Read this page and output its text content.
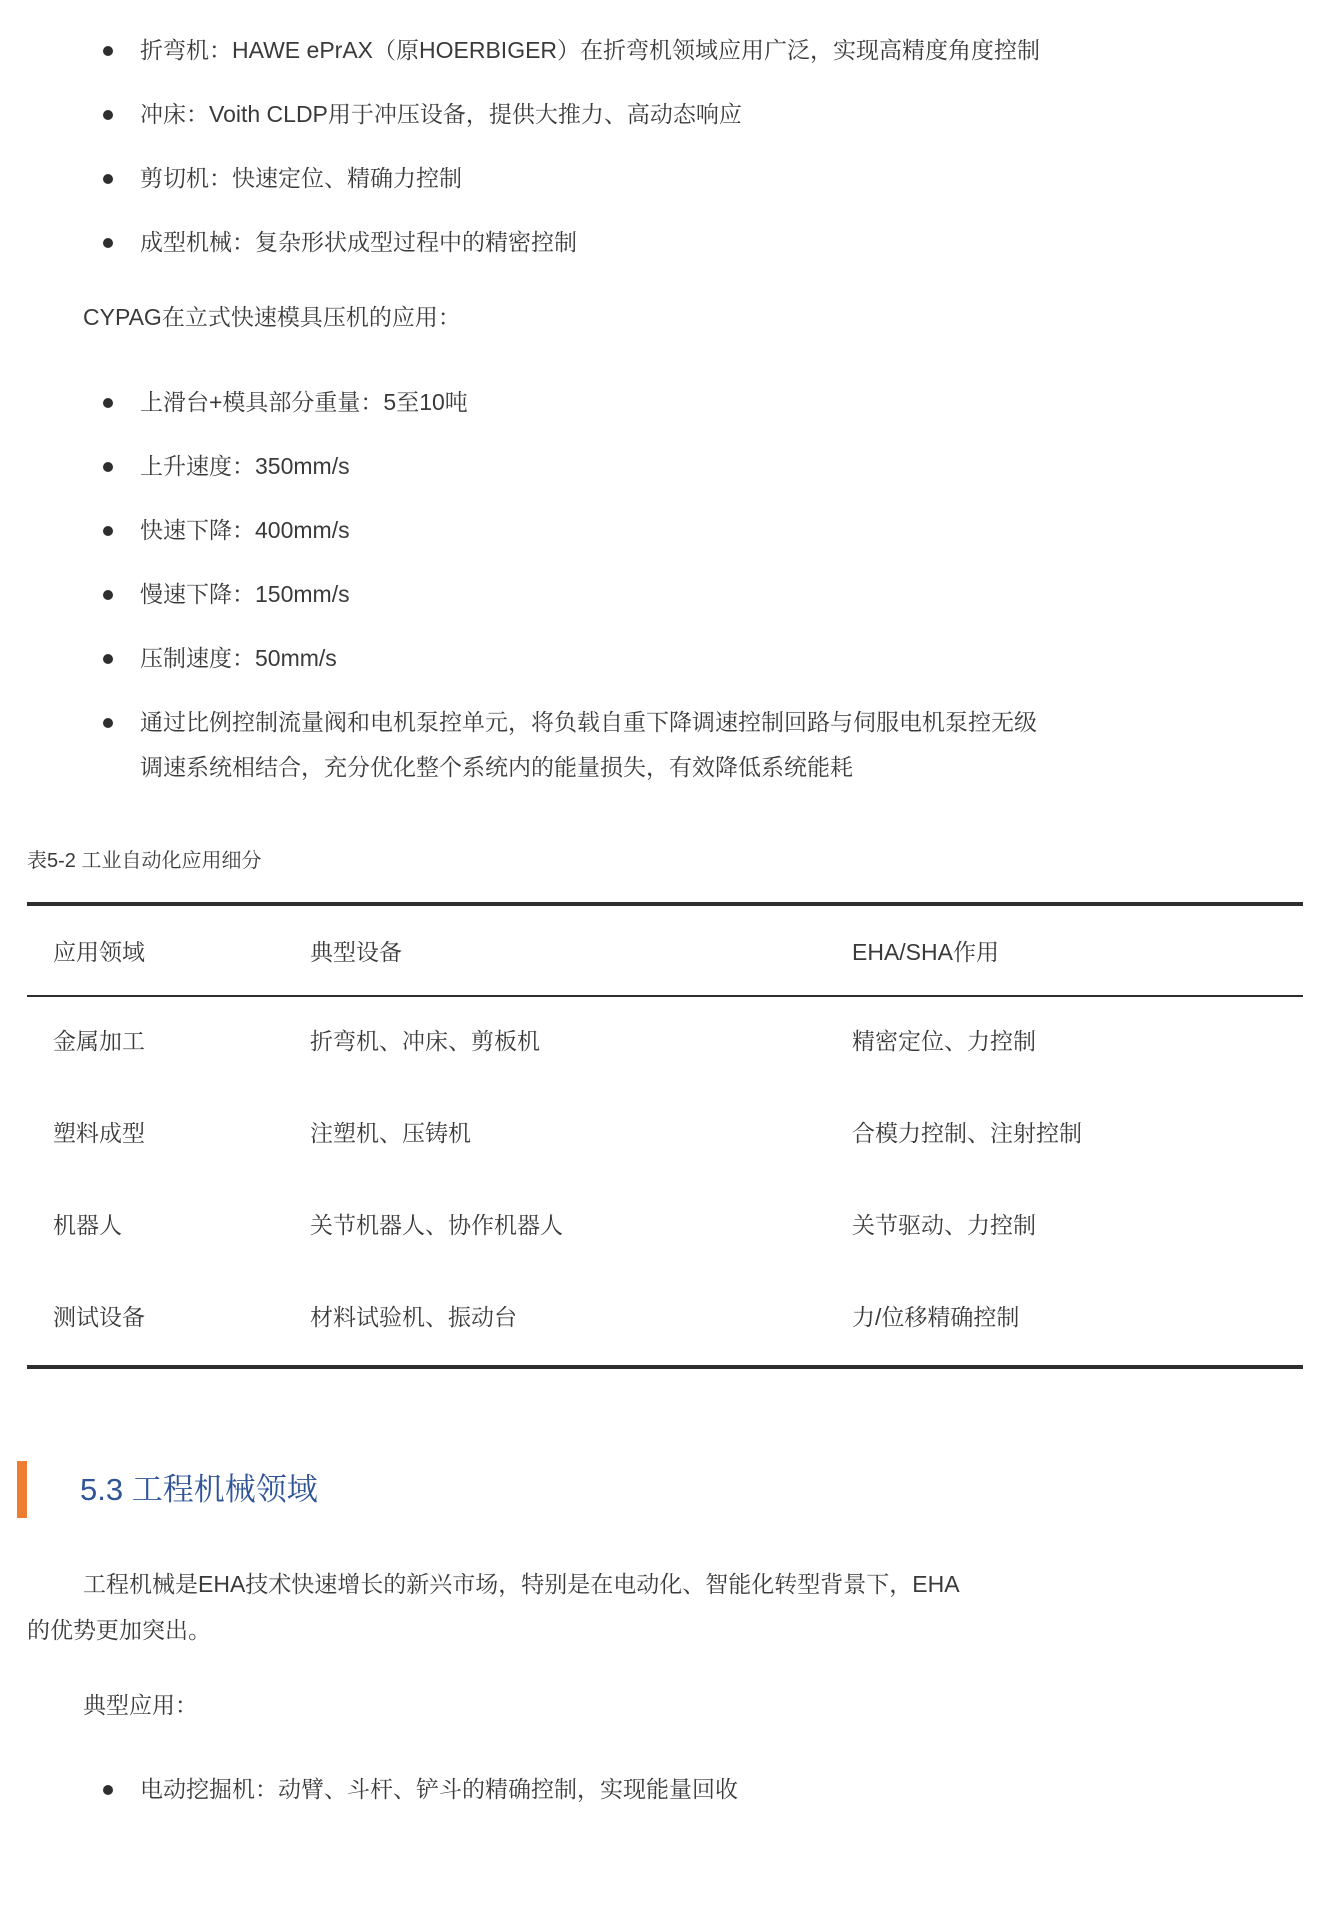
折弯机：HAWE ePrAX（原HOERBIGER）在折弯机领域应用广泛，实现高精度角度控制
冲床：Voith CLDP用于冲压设备，提供大推力、高动态响应
剪切机：快速定位、精确力控制
成型机械：复杂形状成型过程中的精密控制

CYPAG在立式快速模具压机的应用：

上滑台+模具部分重量：5至10吨
上升速度：350mm/s
快速下降：400mm/s
慢速下降：150mm/s
压制速度：50mm/s
通过比例控制流量阀和电机泵控单元，将负载自重下降调速控制回路与伺服电机泵控无级调速系统相结合，充分优化整个系统内的能量损失，有效降低系统能耗

表5-2 工业自动化应用细分

应用领域	典型设备	EHA/SHA作用
金属加工	折弯机、冲床、剪板机	精密定位、力控制
塑料成型	注塑机、压铸机	合模力控制、注射控制
机器人	关节机器人、协作机器人	关节驱动、力控制
测试设备	材料试验机、振动台	力/位移精确控制
5.3 工程机械领域

工程机械是EHA技术快速增长的新兴市场，特别是在电动化、智能化转型背景下，EHA的优势更加突出。

典型应用：

电动挖掘机：动臂、斗杆、铲斗的精确控制，实现能量回收
